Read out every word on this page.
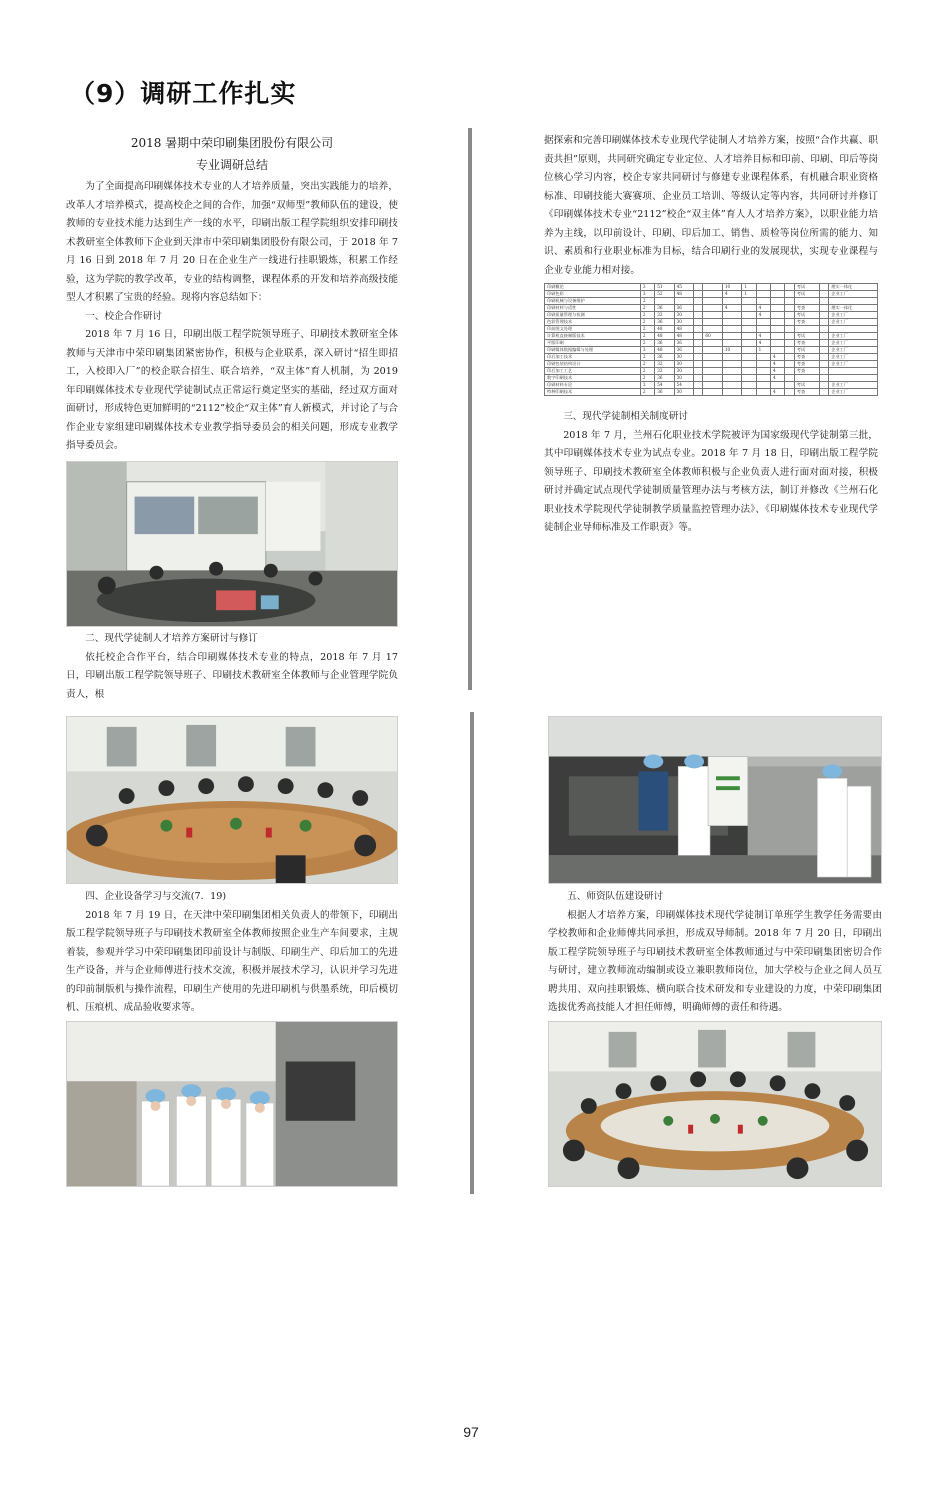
（9）调研工作扎实
2018 暑期中荣印刷集团股份有限公司
专业调研总结

为了全面提高印刷媒体技术专业的人才培养质量，突出实践能力的培养，改革人才培养模式，提高校企之间的合作，加强“双师型”教师队伍的建设，使教师的专业技术能力达到生产一线的水平，印刷出版工程学院组织安排印刷技术教研室全体教师下企业到天津市中荣印刷集团股份有限公司，于 2018 年 7 月 16 日到 2018 年 7 月 20 日在企业生产一线进行挂职锻炼，积累工作经验，这为学院的教学改革，专业的结构调整，课程体系的开发和培养高级技能型人才积累了宝贵的经验。现将内容总结如下：

一、校企合作研讨

2018 年 7 月 16 日，印刷出版工程学院领导班子、印刷技术教研室全体教师与天津市中荣印刷集团紧密协作，积极与企业联系，深入研讨“招生即招工，入校即入厂”的校企联合招生、联合培养，“双主体”育人机制，为 2019 年印刷媒体技术专业现代学徒制试点正常运行奠定坚实的基础，经过双方面对面研讨，形成特色更加鲜明的“2112”校企“双主体”育人新模式，并讨论了与合作企业专家组建印刷媒体技术专业教学指导委员会的相关问题，形成专业教学指导委员会。

二、现代学徒制人才培养方案研讨与修订

依托校企合作平台，结合印刷媒体技术专业的特点，2018 年 7 月 17 日，印刷出版工程学院领导班子、印刷技术教研室全体教师与企业管理学院负责人，根

据探索和完善印刷媒体技术专业现代学徒制人才培养方案，按照“合作共赢、职责共担”原则，共同研究确定专业定位、人才培养目标和印前、印刷、印后等岗位核心学习内容，校企专家共同研讨与修建专业课程体系，有机融合职业资格标准、印刷技能大赛赛项、企业员工培训、等级认定等内容，共同研讨并修订《印刷媒体技术专业“2112”校企“双主体”育人人才培养方案》，以职业能力培养为主线，以印前设计、印刷、印后加工、销售、质检等岗位所需的能力、知识、素质和行业职业标准为目标，结合印刷行业的发展现状，实现专业课程与企业专业能力相对接。
印刷概论	3	51	45			10	1				考试		理实一体化
印刷色彩	3	52	48			4	1				考试		企业工厂
印刷机械与设备维护	2												
印刷材料与适性	2	36	36			4		4			考查		理实一体化
印刷质量管理与检测	2	32	30					4			考试		企业工厂
色彩管理技术	2	36	30								考查		企业工厂
印前图文处理	2	48	48										
计算机直接制版技术	2	48	48		60			4			考试		企业工厂
平版印刷	2	36	36					4			考查		企业工厂
印刷媒体数据编辑与处理	3	48	36			10		1			考试		企业工厂
印后加工技术	2	36	30						4		考查		企业工厂
印刷包装结构设计	2	32	30						4		考查		企业工厂
印后加工工艺	2	32	30						4		考查		
数字印刷技术	2	36	30						4				
印刷材料专论	3	54	54								考试		企业工厂
特种印刷技术	2	36	30						4		考查		企业工厂
三、现代学徒制相关制度研讨

2018 年 7 月，兰州石化职业技术学院被评为国家级现代学徒制第三批，其中印刷媒体技术专业为试点专业。2018 年 7 月 18 日，印刷出版工程学院领导班子、印刷技术教研室全体教师积极与企业负责人进行面对面对接，积极研讨并确定试点现代学徒制质量管理办法与考核方法，制订并修改《兰州石化职业技术学院现代学徒制教学质量监控管理办法》、《印刷媒体技术专业现代学徒制企业导师标准及工作职责》等。

四、企业设备学习与交流(7．19)

2018 年 7 月 19 日，在天津中荣印刷集团相关负责人的带领下，印刷出版工程学院领导班子与印刷技术教研室全体教师按照企业生产车间要求，主规着装，参观并学习中荣印刷集团印前设计与制版、印刷生产、印后加工的先进生产设备，并与企业师傅进行技术交流，积极并展技术学习，认识并学习先进的印前制版机与操作流程，印刷生产使用的先进印刷机与供墨系统，印后模切机、压痕机、成品验收要求等。

五、师资队伍建设研讨

根据人才培养方案，印刷媒体技术现代学徒制订单班学生教学任务需要由学校教师和企业师傅共同承担，形成双导师制。2018 年 7 月 20 日，印刷出版工程学院领导班子与印刷技术教研室全体教师通过与中荣印刷集团密切合作与研讨，建立教师流动编制或设立兼职教师岗位，加大学校与企业之间人员互聘共用、双向挂职锻炼、横向联合技术研发和专业建设的力度，中荣印刷集团选拔优秀高技能人才担任师傅，明确师傅的责任和待遇。

97
